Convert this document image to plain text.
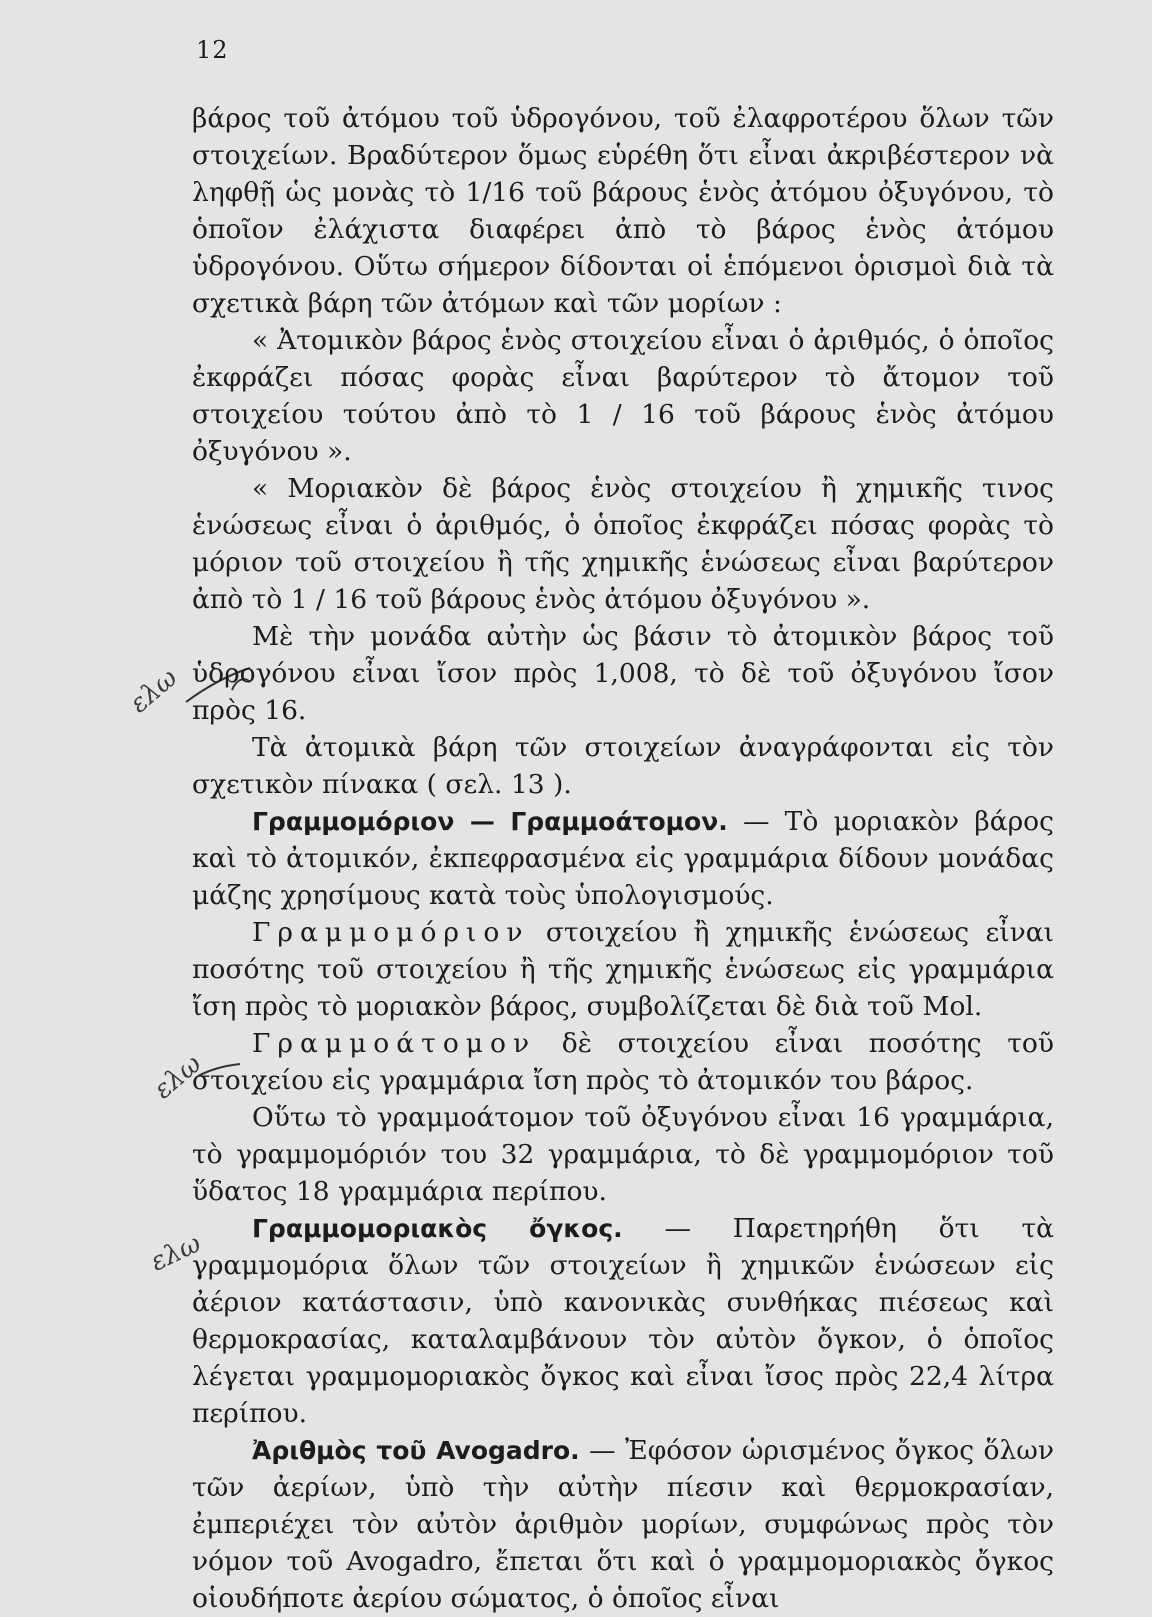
12
ελω
ελω
ελω

βάρος τοῦ ἀτόμου τοῦ ὑδρογόνου, τοῦ ἐλαφροτέρου ὅλων τῶν στοιχείων. Βραδύτερον ὅμως εὑρέθη ὅτι εἶναι ἀκριβέστερον νὰ ληφθῇ ὡς μονὰς τὸ 1/16 τοῦ βάρους ἑνὸς ἀτόμου ὀξυγόνου, τὸ ὁποῖον ἐλάχιστα διαφέρει ἀπὸ τὸ βάρος ἑνὸς ἀτόμου ὑδρογόνου. Οὕτω σήμερον δίδονται οἱ ἑπόμενοι ὁρισμοὶ διὰ τὰ σχετικὰ βάρη τῶν ἀτόμων καὶ τῶν μορίων :

« Ἀτομικὸν βάρος ἑνὸς στοιχείου εἶναι ὁ ἀριθμός, ὁ ὁποῖος ἐκφράζει πόσας φορὰς εἶναι βαρύτερον τὸ ἄτομον τοῦ στοιχείου τούτου ἀπὸ τὸ 1 / 16 τοῦ βάρους ἑνὸς ἀτόμου ὀξυγόνου ».

« Μοριακὸν δὲ βάρος ἑνὸς στοιχείου ἢ χημικῆς τινος ἑνώσεως εἶναι ὁ ἀριθμός, ὁ ὁποῖος ἐκφράζει πόσας φορὰς τὸ μόριον τοῦ στοιχείου ἢ τῆς χημικῆς ἑνώσεως εἶναι βαρύτερον ἀπὸ τὸ 1 / 16 τοῦ βάρους ἑνὸς ἀτόμου ὀξυγόνου ».

Μὲ τὴν μονάδα αὐτὴν ὡς βάσιν τὸ ἀτομικὸν βάρος τοῦ ὑδρογόνου εἶναι ἴσον πρὸς 1,008, τὸ δὲ τοῦ ὀξυγόνου ἴσον πρὸς 16.

Τὰ ἀτομικὰ βάρη τῶν στοιχείων ἀναγράφονται εἰς τὸν σχετικὸν πίνακα ( σελ. 13 ).

Γραμμομόριον — Γραμμοάτομον. — Τὸ μοριακὸν βάρος καὶ τὸ ἀτομικόν, ἐκπεφρασμένα εἰς γραμμάρια δίδουν μονάδας μάζης χρησίμους κατὰ τοὺς ὑπολογισμούς.

Γραμμομόριον στοιχείου ἢ χημικῆς ἑνώσεως εἶναι ποσότης τοῦ στοιχείου ἢ τῆς χημικῆς ἑνώσεως εἰς γραμμάρια ἴση πρὸς τὸ μοριακὸν βάρος, συμβολίζεται δὲ διὰ τοῦ Mol.

Γραμμοάτομον δὲ στοιχείου εἶναι ποσότης τοῦ στοιχείου εἰς γραμμάρια ἴση πρὸς τὸ ἀτομικόν του βάρος.

Οὕτω τὸ γραμμοάτομον τοῦ ὀξυγόνου εἶναι 16 γραμμάρια, τὸ γραμμομόριόν του 32 γραμμάρια, τὸ δὲ γραμμομόριον τοῦ ὕδατος 18 γραμμάρια περίπου.

Γραμμομοριακὸς ὄγκος. — Παρετηρήθη ὅτι τὰ γραμμομόρια ὅλων τῶν στοιχείων ἢ χημικῶν ἑνώσεων εἰς ἀέριον κατάστασιν, ὑπὸ κανονικὰς συνθήκας πιέσεως καὶ θερμοκρασίας, καταλαμβάνουν τὸν αὐτὸν ὄγκον, ὁ ὁποῖος λέγεται γραμμομοριακὸς ὄγκος καὶ εἶναι ἴσος πρὸς 22,4 λίτρα περίπου.

Ἀριθμὸς τοῦ Avogadro. — Ἐφόσον ὡρισμένος ὄγκος ὅλων τῶν ἀερίων, ὑπὸ τὴν αὐτὴν πίεσιν καὶ θερμοκρασίαν, ἐμπεριέχει τὸν αὐτὸν ἀριθμὸν μορίων, συμφώνως πρὸς τὸν νόμον τοῦ Avogadro, ἔπεται ὅτι καὶ ὁ γραμμομοριακὸς ὄγκος οἱουδήποτε ἀερίου σώματος, ὁ ὁποῖος εἶναι
